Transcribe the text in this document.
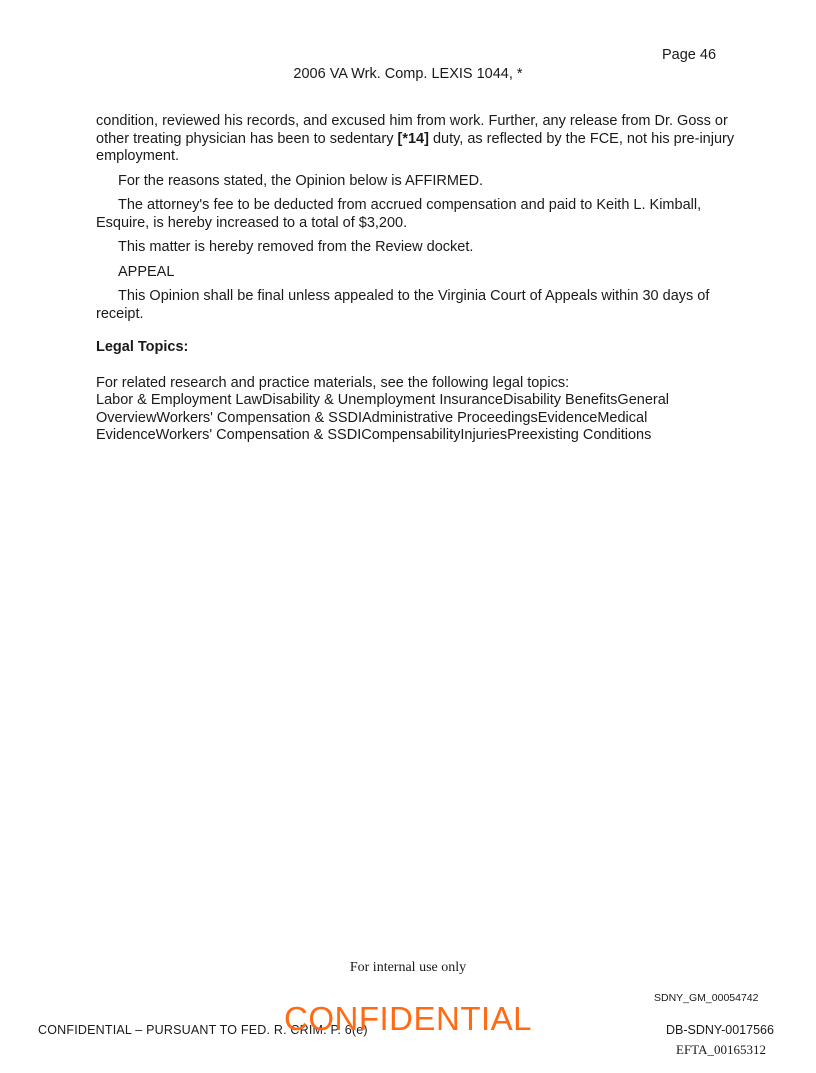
Page 46
2006 VA Wrk. Comp. LEXIS 1044, *

condition, reviewed his records, and excused him from work. Further, any release from Dr. Goss or other treating physician has been to sedentary [*14] duty, as reflected by the FCE, not his pre-injury employment.

For the reasons stated, the Opinion below is AFFIRMED.

The attorney's fee to be deducted from accrued compensation and paid to Keith L. Kimball, Esquire, is hereby increased to a total of $3,200.

This matter is hereby removed from the Review docket.

APPEAL

This Opinion shall be final unless appealed to the Virginia Court of Appeals within 30 days of receipt.

Legal Topics:

For related research and practice materials, see the following legal topics:

Labor & Employment LawDisability & Unemployment InsuranceDisability BenefitsGeneral OverviewWorkers' Compensation & SSDIAdministrative ProceedingsEvidenceMedical EvidenceWorkers' Compensation & SSDICompensabilityInjuriesPreexisting Conditions

For internal use only
SDNY_GM_00054742
CONFIDENTIAL – PURSUANT TO FED. R. CRIM. P. 6(e)
CONFIDENTIAL	DB-SDNY-0017566
EFTA_00165312
